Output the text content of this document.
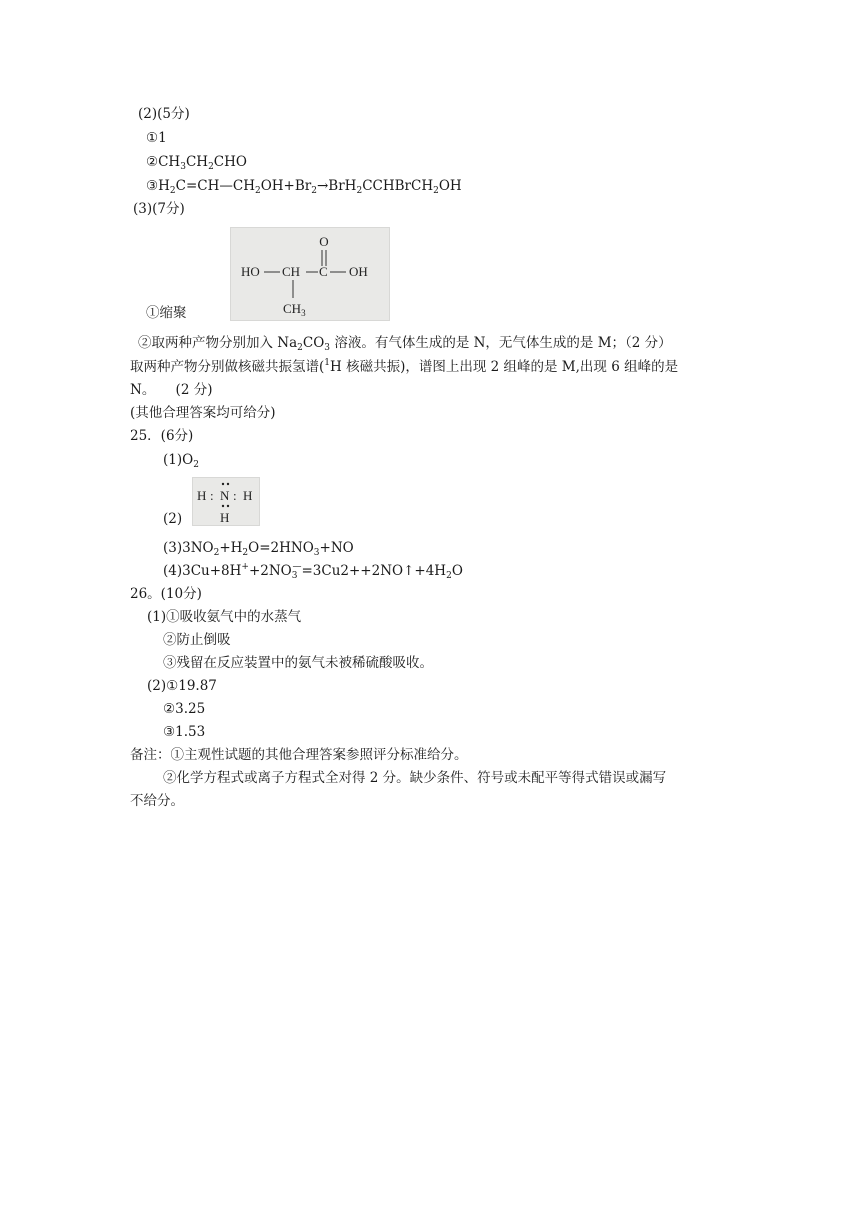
(2)(5分)
①1
$②CH_3CH_2CHO$
$③H_2C=CH—CH_2OH+Br_2\to BrH_2CCHBrCH_2OH$
(3)(7分)
O
HO CH C OH
$CH_3$
①缩聚
②取两种产物分别加入 $Na_2CO_3$ 溶液。有气体生成的是 N，无气体生成的是 M；（2 分）
取两种产物分别做核磁共振氢谱($^1$H 核磁共振)，谱图上出现 2 组峰的是 M,出现 6 组峰的是
N。　　(2 分)
(其他合理答案均可给分)
25．(6分)
$(1)O_2$
H : N : H
H
(2)
$(3)3NO_2+H_2O=2HNO_3+NO$
$(4)3Cu+8H^++2NO_3^—=3Cu2++2NO↑+4H_2O$
26。(10分)
(1)①吸收氨气中的水蒸气
②防止倒吸
③残留在反应装置中的氨气未被稀硫酸吸收。
(2)①19.87
②3.25
③1.53
备注：①主观性试题的其他合理答案参照评分标准给分。
②化学方程式或离子方程式全对得 2 分。缺少条件、符号或未配平等得式错误或漏写
不给分。
